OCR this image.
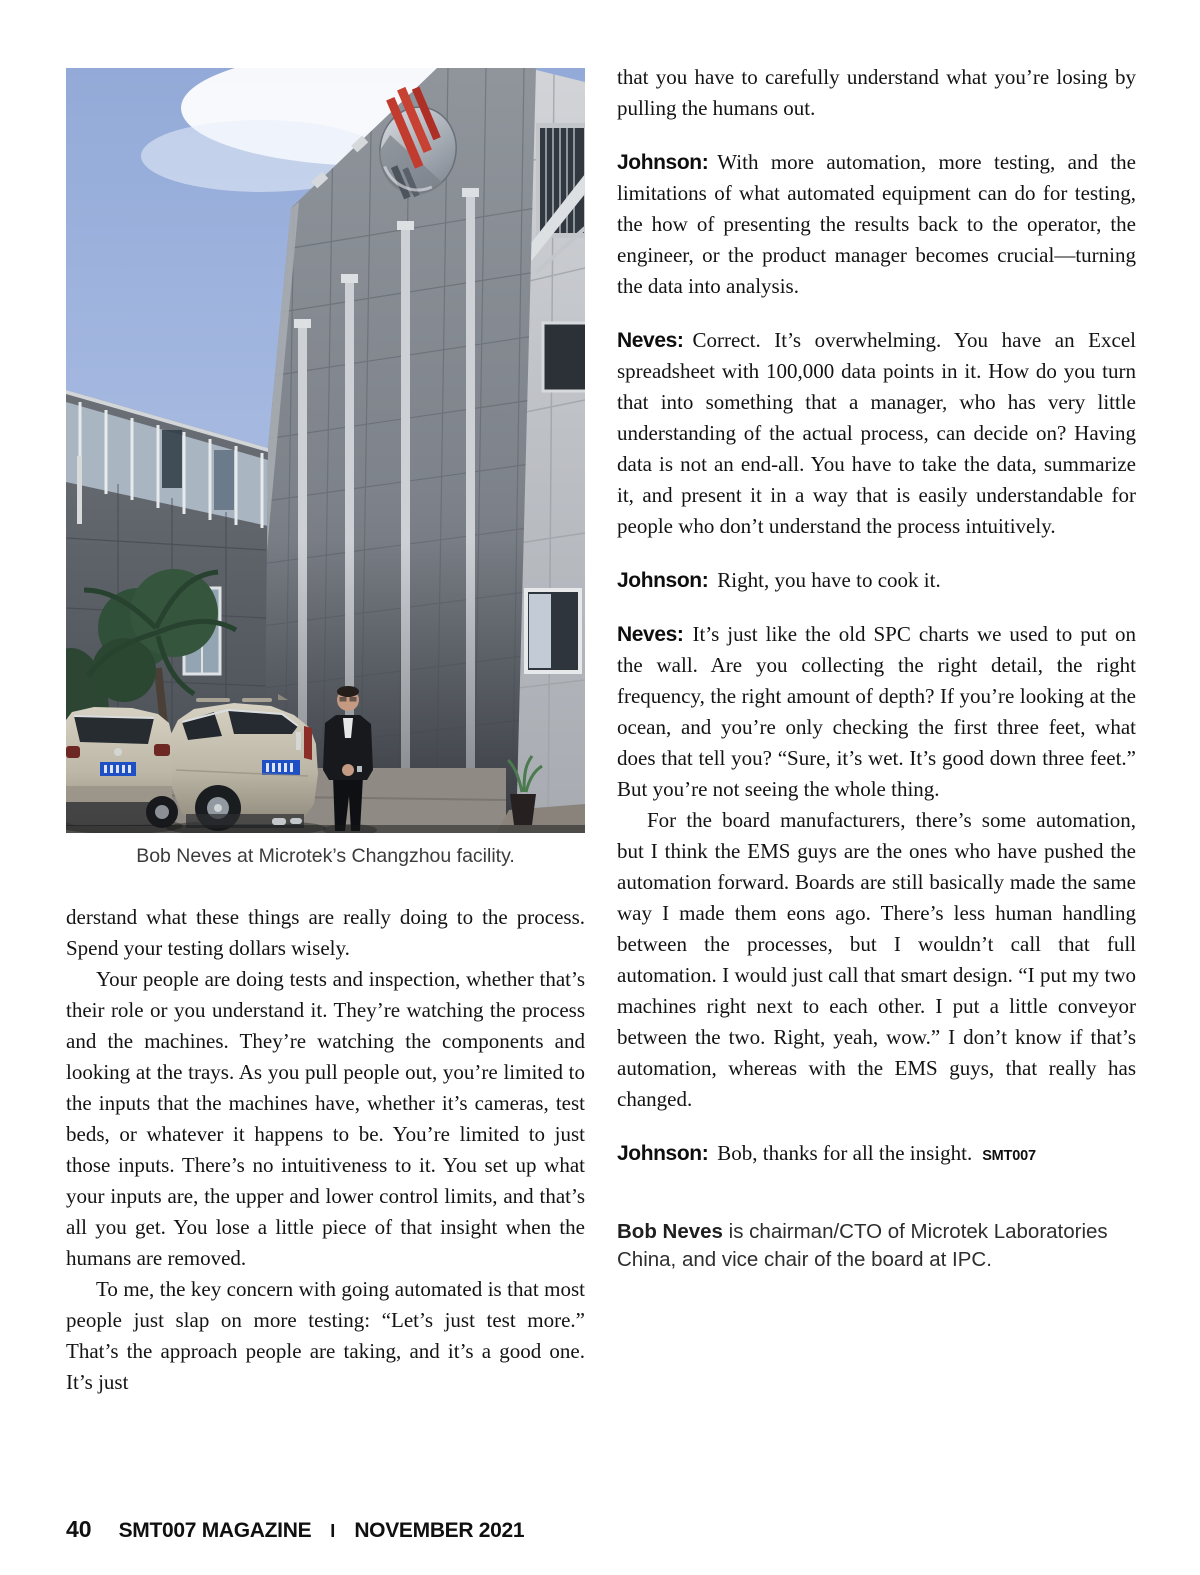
Bob Neves at Microtek’s Changzhou facility.

derstand what these things are really doing to the process. Spend your testing dollars wisely.

Your people are doing tests and inspection, whether that’s their role or you understand it. They’re watching the process and the machines. They’re watching the components and looking at the trays. As you pull people out, you’re limited to the inputs that the machines have, whether it’s cameras, test beds, or whatever it happens to be. You’re limited to just those inputs. There’s no intuitiveness to it. You set up what your inputs are, the upper and lower control limits, and that’s all you get. You lose a little piece of that insight when the humans are removed.

To me, the key concern with going automated is that most people just slap on more testing: “Let’s just test more.” That’s the approach people are taking, and it’s a good one. It’s just

that you have to carefully understand what you’re losing by pulling the humans out.

Johnson: With more automation, more testing, and the limitations of what automated equipment can do for testing, the how of presenting the results back to the operator, the engineer, or the product manager becomes crucial—turning the data into analysis.

Neves: Correct. It’s overwhelming. You have an Excel spreadsheet with 100,000 data points in it. How do you turn that into something that a manager, who has very little understanding of the actual process, can decide on? Having data is not an end-all. You have to take the data, summarize it, and present it in a way that is easily understandable for people who don’t understand the process intuitively.

Johnson: Right, you have to cook it.

Neves: It’s just like the old SPC charts we used to put on the wall. Are you collecting the right detail, the right frequency, the right amount of depth? If you’re looking at the ocean, and you’re only checking the first three feet, what does that tell you? “Sure, it’s wet. It’s good down three feet.” But you’re not seeing the whole thing.

For the board manufacturers, there’s some automation, but I think the EMS guys are the ones who have pushed the automation forward. Boards are still basically made the same way I made them eons ago. There’s less human handling between the processes, but I wouldn’t call that full automation. I would just call that smart design. “I put my two machines right next to each other. I put a little conveyor between the two. Right, yeah, wow.” I don’t know if that’s automation, whereas with the EMS guys, that really has changed.

Johnson: Bob, thanks for all the insight. SMT007

Bob Neves is chairman/CTO of Microtek Laboratories China, and vice chair of the board at IPC.

40 SMT007 MAGAZINE I NOVEMBER 2021
